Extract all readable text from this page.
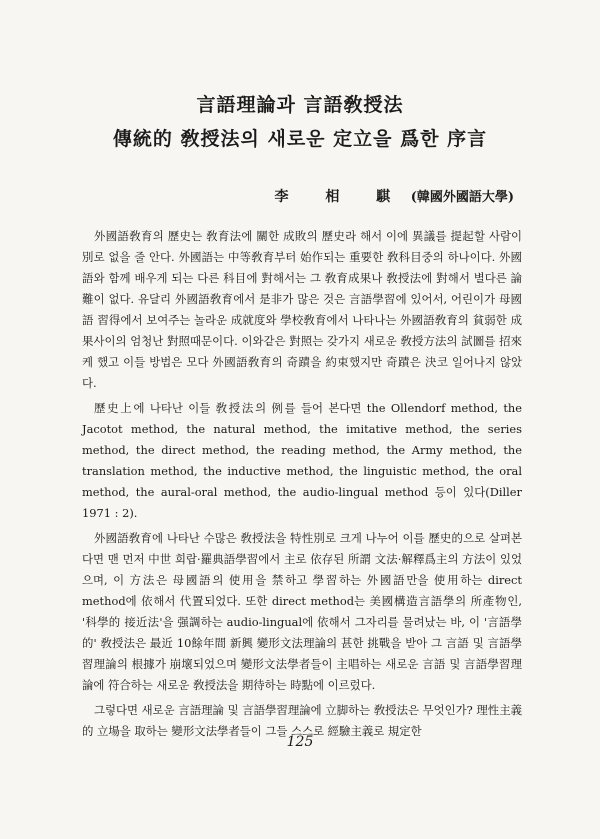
言語理論과 言語敎授法
傳統的 敎授法의 새로운 定立을 爲한 序言
李 相 騏 (韓國外國語大學)

外國語敎育의 歷史는 敎育法에 關한 成敗의 歷史라 해서 이에 異議를 提起할 사람이 別로 없을 줄 안다. 外國語는 中等敎育부터 始作되는 重要한 敎科目중의 하나이다. 外國語와 함께 배우게 되는 다른 科目에 對해서는 그 敎育成果나 敎授法에 對해서 별다른 論難이 없다. 유달리 外國語敎育에서 是非가 많은 것은 言語學習에 있어서, 어린이가 母國語 習得에서 보여주는 놀라운 成就度와 學校敎育에서 나타나는 外國語敎育의 貧弱한 成果사이의 엄청난 對照때문이다. 이와같은 對照는 갖가지 새로운 敎授方法의 試圖를 招來케 했고 이들 방법은 모다 外國語敎育의 奇蹟을 約束했지만 奇蹟은 決코 일어나지 않았다.

歷史上에 나타난 이들 敎授法의 例를 들어 본다면 the Ollendorf method, the Jacotot method, the natural method, the imitative method, the series method, the direct method, the reading method, the Army method, the translation method, the inductive method, the linguistic method, the oral method, the aural-oral method, the audio-lingual method 등이 있다(Diller 1971 : 2).

外國語敎育에 나타난 수많은 敎授法을 特性別로 크게 나누어 이를 歷史的으로 살펴본다면 맨 먼저 中世 희랍·羅典語學習에서 主로 依存된 所謂 文法·解釋爲主의 方法이 있었으며, 이 方法은 母國語의 使用을 禁하고 學習하는 外國語만을 使用하는 direct method에 依해서 代置되었다. 또한 direct method는 美國構造言語學의 所產物인, '科學的 接近法'을 强調하는 audio-lingual에 依해서 그자리를 물려났는 바, 이 '言語學的' 敎授法은 最近 10餘年間 新興 變形文法理論의 甚한 挑戰을 받아 그 言語 및 言語學習理論의 根據가 崩壞되었으며 變形文法學者들이 主唱하는 새로운 言語 및 言語學習理論에 符合하는 새로운 敎授法을 期待하는 時點에 이르렀다.

그렇다면 새로운 言語理論 및 言語學習理論에 立脚하는 敎授法은 무엇인가? 理性主義的 立場을 取하는 變形文法學者들이 그들 스스로 經驗主義로 規定한

125
